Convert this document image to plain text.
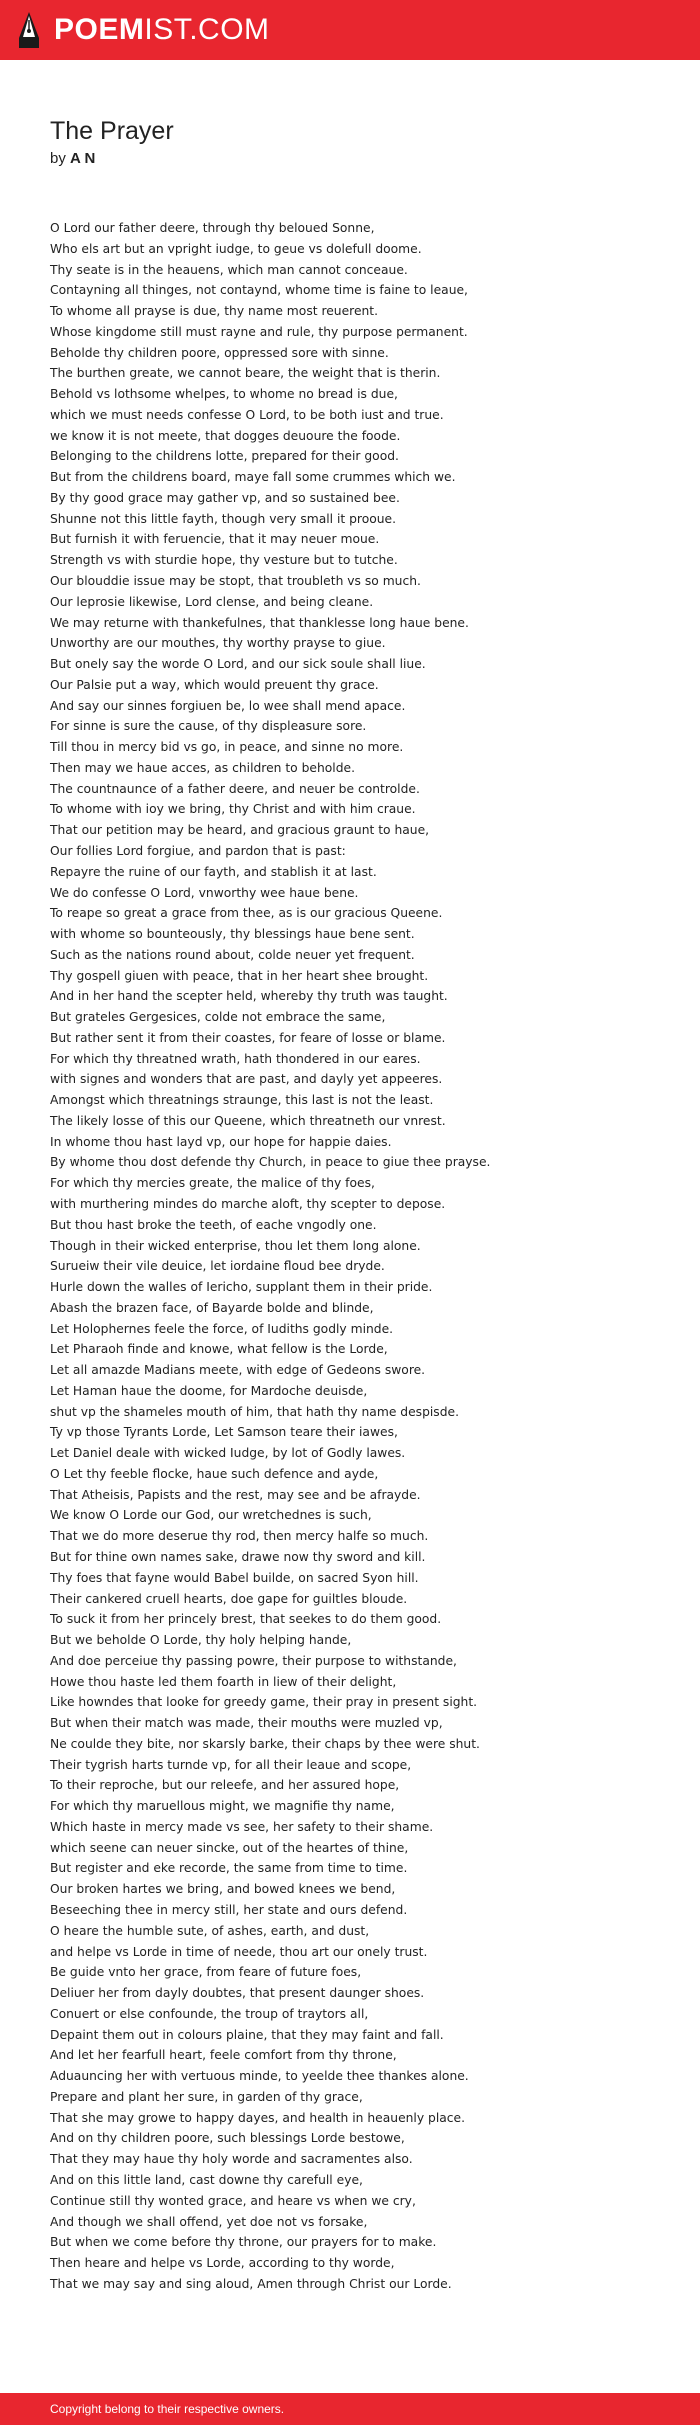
POEMIST.COM
The Prayer
by A N
O Lord our father deere, through thy beloued Sonne,
Who els art but an vpright iudge, to geue vs dolefull doome.
Thy seate is in the heauens, which man cannot conceaue.
Contayning all thinges, not contaynd, whome time is faine to leaue,
To whome all prayse is due, thy name most reuerent.
Whose kingdome still must rayne and rule, thy purpose permanent.
Beholde thy children poore, oppressed sore with sinne.
The burthen greate, we cannot beare, the weight that is therin.
Behold vs lothsome whelpes, to whome no bread is due,
which we must needs confesse O Lord, to be both iust and true.
we know it is not meete, that dogges deuoure the foode.
Belonging to the childrens lotte, prepared for their good.
But from the childrens board, maye fall some crummes which we.
By thy good grace may gather vp, and so sustained bee.
Shunne not this little fayth, though very small it prooue.
But furnish it with feruencie, that it may neuer moue.
Strength vs with sturdie hope, thy vesture but to tutche.
Our blouddie issue may be stopt, that troubleth vs so much.
Our leprosie likewise, Lord clense, and being cleane.
We may returne with thankefulnes, that thanklesse long haue bene.
Unworthy are our mouthes, thy worthy prayse to giue.
But onely say the worde O Lord, and our sick soule shall liue.
Our Palsie put a way, which would preuent thy grace.
And say our sinnes forgiuen be, lo wee shall mend apace.
For sinne is sure the cause, of thy displeasure sore.
Till thou in mercy bid vs go, in peace, and sinne no more.
Then may we haue acces, as children to beholde.
The countnaunce of a father deere, and neuer be controlde.
To whome with ioy we bring, thy Christ and with him craue.
That our petition may be heard, and gracious graunt to haue,
Our follies Lord forgiue, and pardon that is past:
Repayre the ruine of our fayth, and stablish it at last.
We do confesse O Lord, vnworthy wee haue bene.
To reape so great a grace from thee, as is our gracious Queene.
with whome so bounteously, thy blessings haue bene sent.
Such as the nations round about, colde neuer yet frequent.
Thy gospell giuen with peace, that in her heart shee brought.
And in her hand the scepter held, whereby thy truth was taught.
But grateles Gergesices, colde not embrace the same,
But rather sent it from their coastes, for feare of losse or blame.
For which thy threatned wrath, hath thondered in our eares.
with signes and wonders that are past, and dayly yet appeeres.
Amongst which threatnings straunge, this last is not the least.
The likely losse of this our Queene, which threatneth our vnrest.
In whome thou hast layd vp, our hope for happie daies.
By whome thou dost defende thy Church, in peace to giue thee prayse.
For which thy mercies greate, the malice of thy foes,
with murthering mindes do marche aloft, thy scepter to depose.
But thou hast broke the teeth, of eache vngodly one.
Though in their wicked enterprise, thou let them long alone.
Surueiw their vile deuice, let iordaine floud bee dryde.
Hurle down the walles of Iericho, supplant them in their pride.
Abash the brazen face, of Bayarde bolde and blinde,
Let Holophernes feele the force, of Iudiths godly minde.
Let Pharaoh finde and knowe, what fellow is the Lorde,
Let all amazde Madians meete, with edge of Gedeons swore.
Let Haman haue the doome, for Mardoche deuisde,
shut vp the shameles mouth of him, that hath thy name despisde.
Ty vp those Tyrants Lorde, Let Samson teare their iawes,
Let Daniel deale with wicked Iudge, by lot of Godly lawes.
O Let thy feeble flocke, haue such defence and ayde,
That Atheisis, Papists and the rest, may see and be afrayde.
We know O Lorde our God, our wretchednes is such,
That we do more deserue thy rod, then mercy halfe so much.
But for thine own names sake, drawe now thy sword and kill.
Thy foes that fayne would Babel builde, on sacred Syon hill.
Their cankered cruell hearts, doe gape for guiltles bloude.
To suck it from her princely brest, that seekes to do them good.
But we beholde O Lorde, thy holy helping hande,
And doe perceiue thy passing powre, their purpose to withstande,
Howe thou haste led them foarth in liew of their delight,
Like howndes that looke for greedy game, their pray in present sight.
But when their match was made, their mouths were muzled vp,
Ne coulde they bite, nor skarsly barke, their chaps by thee were shut.
Their tygrish harts turnde vp, for all their leaue and scope,
To their reproche, but our releefe, and her assured hope,
For which thy maruellous might, we magnifie thy name,
Which haste in mercy made vs see, her safety to their shame.
which seene can neuer sincke, out of the heartes of thine,
But register and eke recorde, the same from time to time.
Our broken hartes we bring, and bowed knees we bend,
Beseeching thee in mercy still, her state and ours defend.
O heare the humble sute, of ashes, earth, and dust,
and helpe vs Lorde in time of neede, thou art our onely trust.
Be guide vnto her grace, from feare of future foes,
Deliuer her from dayly doubtes, that present daunger shoes.
Conuert or else confounde, the troup of traytors all,
Depaint them out in colours plaine, that they may faint and fall.
And let her fearfull heart, feele comfort from thy throne,
Aduauncing her with vertuous minde, to yeelde thee thankes alone.
Prepare and plant her sure, in garden of thy grace,
That she may growe to happy dayes, and health in heauenly place.
And on thy children poore, such blessings Lorde bestowe,
That they may haue thy holy worde and sacramentes also.
And on this little land, cast downe thy carefull eye,
Continue still thy wonted grace, and heare vs when we cry,
And though we shall offend, yet doe not vs forsake,
But when we come before thy throne, our prayers for to make.
Then heare and helpe vs Lorde, according to thy worde,
That we may say and sing aloud, Amen through Christ our Lorde.
Copyright belong to their respective owners.
